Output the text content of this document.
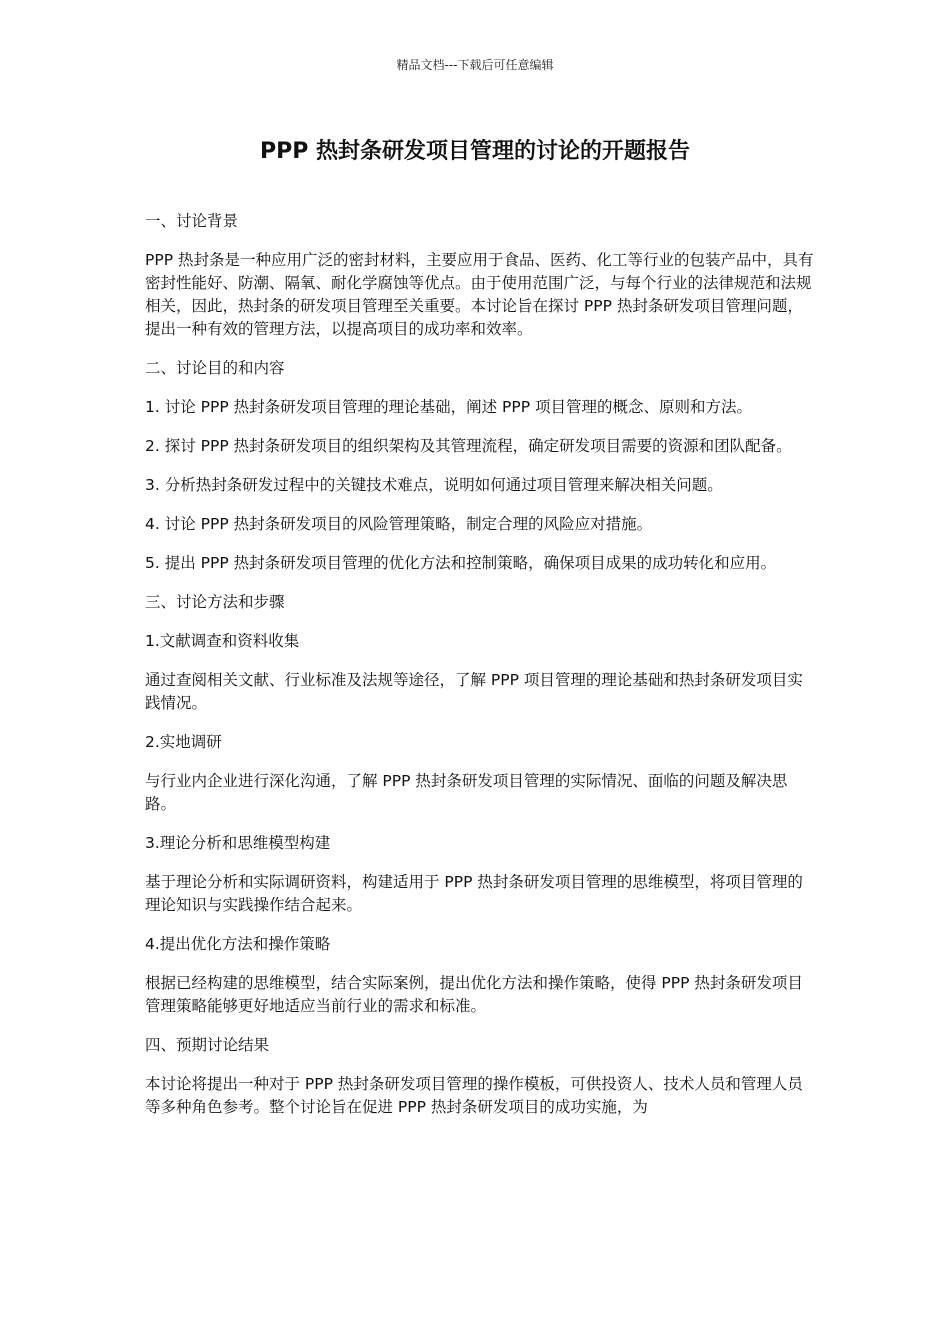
精品文档---下载后可任意编辑
PPP 热封条研发项目管理的讨论的开题报告

一、讨论背景

PPP 热封条是一种应用广泛的密封材料，主要应用于食品、医药、化工等行业的包装产品中，具有密封性能好、防潮、隔氧、耐化学腐蚀等优点。由于使用范围广泛，与每个行业的法律规范和法规相关，因此，热封条的研发项目管理至关重要。本讨论旨在探讨 PPP 热封条研发项目管理问题，提出一种有效的管理方法，以提高项目的成功率和效率。

二、讨论目的和内容

1. 讨论 PPP 热封条研发项目管理的理论基础，阐述 PPP 项目管理的概念、原则和方法。

2. 探讨 PPP 热封条研发项目的组织架构及其管理流程，确定研发项目需要的资源和团队配备。

3. 分析热封条研发过程中的关键技术难点，说明如何通过项目管理来解决相关问题。

4. 讨论 PPP 热封条研发项目的风险管理策略，制定合理的风险应对措施。

5. 提出 PPP 热封条研发项目管理的优化方法和控制策略，确保项目成果的成功转化和应用。

三、讨论方法和步骤

1.文献调查和资料收集

通过查阅相关文献、行业标准及法规等途径，了解 PPP 项目管理的理论基础和热封条研发项目实践情况。

2.实地调研

与行业内企业进行深化沟通，了解 PPP 热封条研发项目管理的实际情况、面临的问题及解决思路。

3.理论分析和思维模型构建

基于理论分析和实际调研资料，构建适用于 PPP 热封条研发项目管理的思维模型，将项目管理的理论知识与实践操作结合起来。

4.提出优化方法和操作策略

根据已经构建的思维模型，结合实际案例，提出优化方法和操作策略，使得 PPP 热封条研发项目管理策略能够更好地适应当前行业的需求和标准。

四、预期讨论结果

本讨论将提出一种对于 PPP 热封条研发项目管理的操作模板，可供投资人、技术人员和管理人员等多种角色参考。整个讨论旨在促进 PPP 热封条研发项目的成功实施，为
